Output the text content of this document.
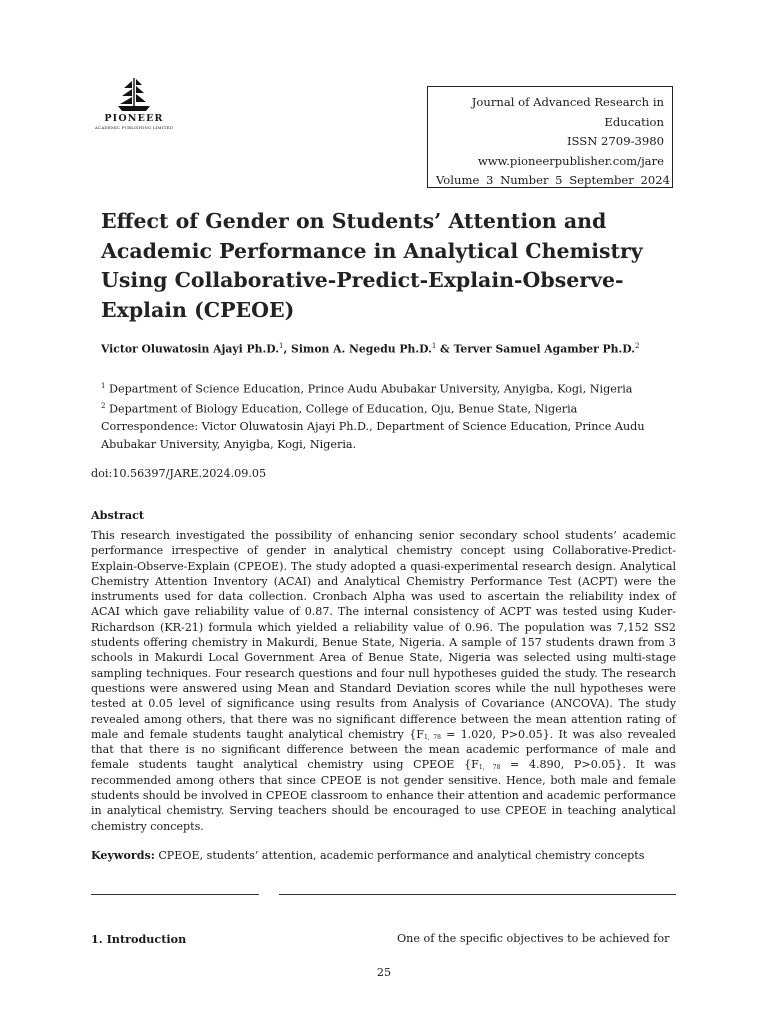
PIONEER
ACADEMIC PUBLISHING LIMITED
Journal of Advanced Research in
Education
ISSN 2709-3980
www.pioneerpublisher.com/jare
Volume 3 Number 5 September 2024
Effect of Gender on Students’ Attention and Academic Performance in Analytical Chemistry Using Collaborative-Predict-Explain-Observe-Explain (CPEOE)
Victor Oluwatosin Ajayi Ph.D.$^1$, Simon A. Negedu Ph.D.$^1$ & Terver Samuel Agamber Ph.D.$^2$
$^1$ Department of Science Education, Prince Audu Abubakar University, Anyigba, Kogi, Nigeria
$^2$ Department of Biology Education, College of Education, Oju, Benue State, Nigeria
Correspondence: Victor Oluwatosin Ajayi Ph.D., Department of Science Education, Prince Audu Abubakar University, Anyigba, Kogi, Nigeria.
doi:10.56397/JARE.2024.09.05
Abstract

This research investigated the possibility of enhancing senior secondary school students’ academic performance irrespective of gender in analytical chemistry concept using Collaborative-Predict-Explain-Observe-Explain (CPEOE). The study adopted a quasi-experimental research design. Analytical Chemistry Attention Inventory (ACAI) and Analytical Chemistry Performance Test (ACPT) were the instruments used for data collection. Cronbach Alpha was used to ascertain the reliability index of ACAI which gave reliability value of 0.87. The internal consistency of ACPT was tested using Kuder-Richardson (KR-21) formula which yielded a reliability value of 0.96. The population was 7,152 SS2 students offering chemistry in Makurdi, Benue State, Nigeria. A sample of 157 students drawn from 3 schools in Makurdi Local Government Area of Benue State, Nigeria was selected using multi-stage sampling techniques. Four research questions and four null hypotheses guided the study. The research questions were answered using Mean and Standard Deviation scores while the null hypotheses were tested at 0.05 level of significance using results from Analysis of Covariance (ANCOVA). The study revealed among others, that there was no significant difference between the mean attention rating of male and female students taught analytical chemistry {$F_{1, 78} = 1.020$, P>0.05}. It was also revealed that that there is no significant difference between the mean academic performance of male and female students taught analytical chemistry using CPEOE {$F_{1, 78} = 4.890$, P>0.05}. It was recommended among others that since CPEOE is not gender sensitive. Hence, both male and female students should be involved in CPEOE classroom to enhance their attention and academic performance in analytical chemistry. Serving teachers should be encouraged to use CPEOE in teaching analytical chemistry concepts.

Keywords: CPEOE, students’ attention, academic performance and analytical chemistry concepts
1. Introduction	One of the specific objectives to be achieved for
25
